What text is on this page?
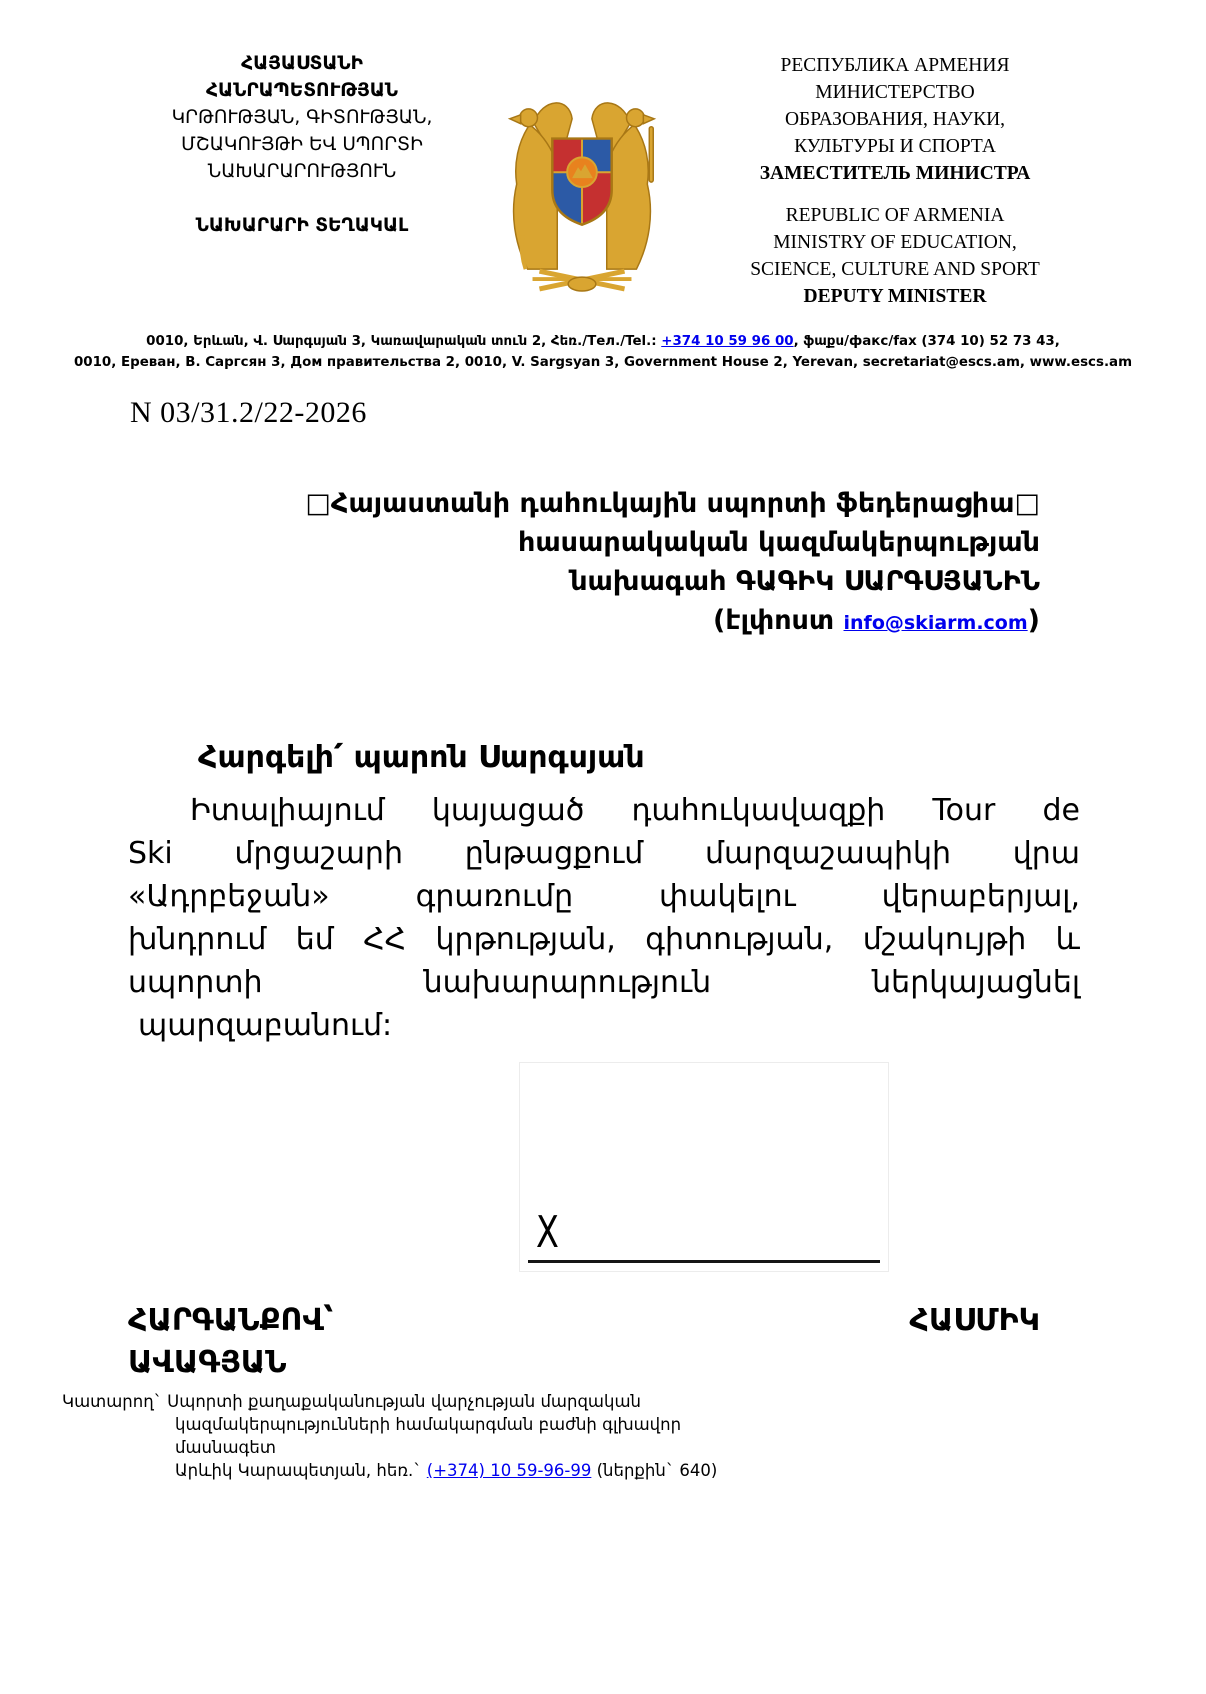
ՀԱՅԱՍՏԱՆԻ
ՀԱՆՐԱՊԵՏՈՒԹՅԱՆ
ԿՐԹՈՒԹՅԱՆ, ԳԻՏՈՒԹՅԱՆ,
ՄՇԱԿՈՒՅԹԻ ԵՎ ՍՊՈՐՏԻ
ՆԱԽԱՐԱՐՈՒԹՅՈՒՆ
ՆԱԽԱՐԱՐԻ ՏԵՂԱԿԱԼ
РЕСПУБЛИКА АРМЕНИЯ
МИНИСТЕРСТВО
ОБРАЗОВАНИЯ, НАУКИ,
КУЛЬТУРЫ И СПОРТА
ЗАМЕСТИТЕЛЬ МИНИСТРА
REPUBLIC OF ARMENIA
MINISTRY OF EDUCATION,
SCIENCE, CULTURE AND SPORT
DEPUTY MINISTER
0010, Երևան, Վ. Սարգսյան 3, Կառավարական տուն 2, Հեռ./Тел./Tel.: +374 10 59 96 00, ֆաքս/факс/fax (374 10) 52 73 43,
0010, Ереван, В. Саргсян 3, Дом правительства 2, 0010, V. Sargsyan 3, Government House 2, Yerevan, secretariat@escs.am, www.escs.am
N 03/31.2/22-2026
□Հայաստանի դահուկային սպորտի ֆեդերացիա□
հասարակական կազմակերպության
նախագահ ԳԱԳԻԿ ՍԱՐԳՍՅԱՆԻՆ
(էլփոստ info@skiarm.com)
Հարգելի՛ պարոն Սարգսյան
Իտալիայում կայացած դահուկավազքի Tour de
Ski մրցաշարի ընթացքում մարզաշապիկի վրա
«Ադրբեջան» գրառումը փակելու վերաբերյալ,
խնդրում եմ ՀՀ կրթության, գիտության, մշակույթի և
սպորտի նախարարություն ներկայացնել
պարզաբանում:
X
ՀԱՐԳԱՆՔՈՎ՝	ՀԱՍՄԻԿ
ԱՎԱԳՅԱՆ
Կատարող` Սպորտի քաղաքականության վարչության մարզական
կազմակերպությունների համակարգման բաժնի գլխավոր մասնագետ
Արևիկ Կարապետյան, հեռ.` (+374) 10 59-96-99 (ներքին` 640)
